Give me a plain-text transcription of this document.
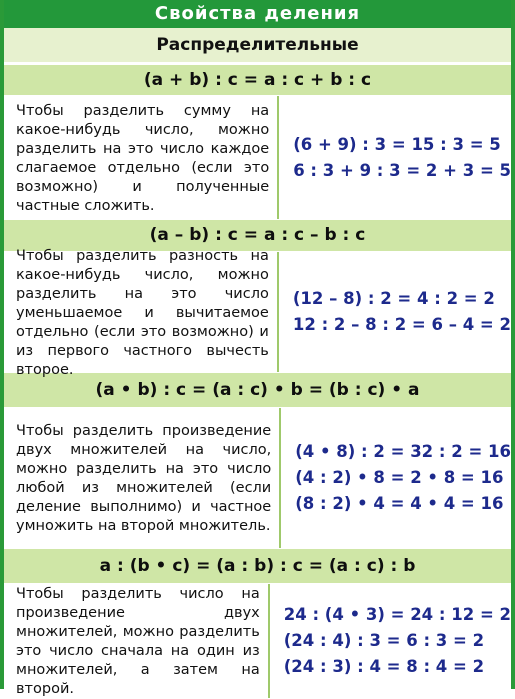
Свойства деления
Распределительные
(a + b) : c = a : c + b : c
Чтобы разделить сумму на какое-нибудь число, можно разделить на это число каждое слагаемое отдельно (если это возможно) и полученные частные сложить.
(6 + 9) : 3 = 15 : 3 = 5
6 : 3 + 9 : 3 = 2 + 3 = 5
(a – b) : c = a : c – b : c
Чтобы разделить разность на какое-нибудь число, можно разделить на это число уменьшаемое и вычитаемое отдельно (если это возможно) и из первого частного вычесть второе.
(12 – 8) : 2 = 4 : 2 = 2
12 : 2 – 8 : 2 = 6 – 4 = 2
(a • b) : c = (a : c) • b = (b : c) • a
Чтобы разделить произведение двух множителей на число, можно разделить на это число любой из множителей (если деление выполнимо) и частное умножить на второй множитель.
(4 • 8) : 2 = 32 : 2 = 16
(4 : 2) • 8 = 2 • 8 = 16
(8 : 2) • 4 = 4 • 4 = 16
a : (b • c) = (a : b) : c = (a : c) : b
Чтобы разделить число на произведение двух множителей, можно разделить это число сначала на один из множителей, а затем на второй.
24 : (4 • 3) = 24 : 12 = 2
(24 : 4) : 3 = 6 : 3 = 2
(24 : 3) : 4 = 8 : 4 = 2
